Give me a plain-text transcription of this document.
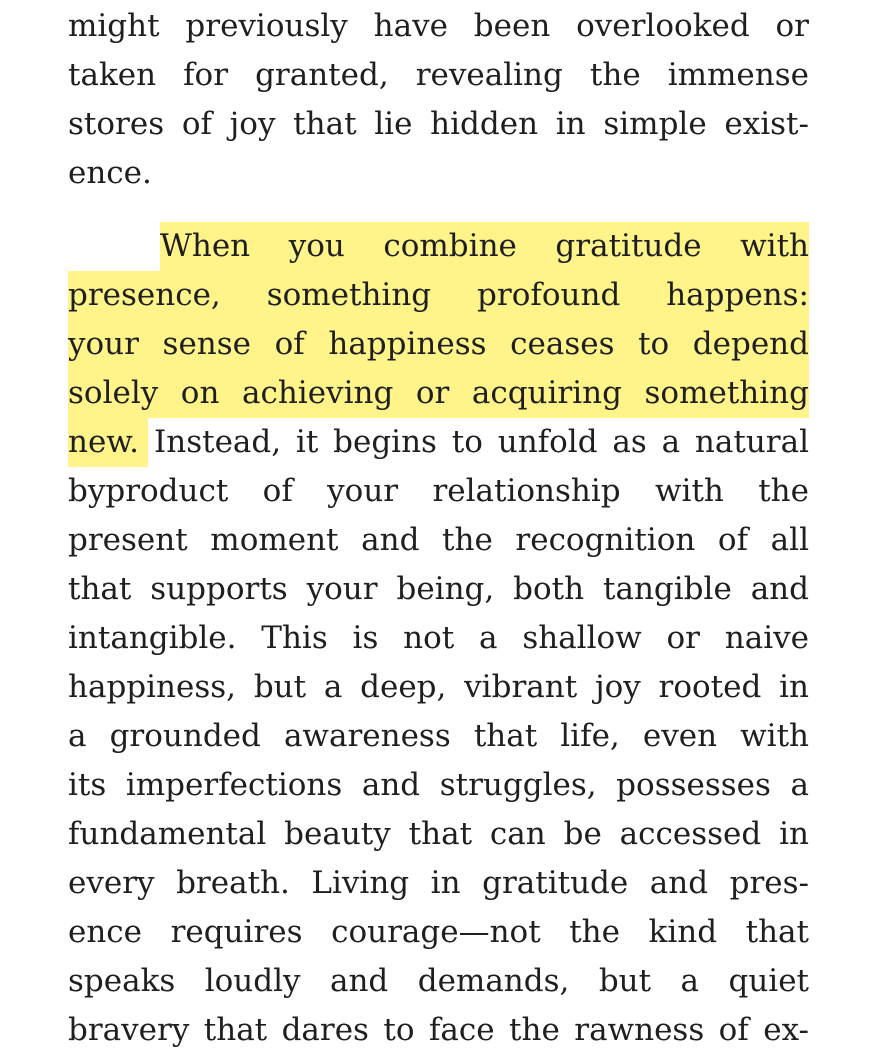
might previously have been overlooked or
taken for granted, revealing the immense
stores of joy that lie hidden in simple exist-
ence.
When you combine gratitude with
presence, something profound happens:
your sense of happiness ceases to depend
solely on achieving or acquiring something
new. Instead, it begins to unfold as a natural
byproduct of your relationship with the
present moment and the recognition of all
that supports your being, both tangible and
intangible. This is not a shallow or naive
happiness, but a deep, vibrant joy rooted in
a grounded awareness that life, even with
its imperfections and struggles, possesses a
fundamental beauty that can be accessed in
every breath. Living in gratitude and pres-
ence requires courage—not the kind that
speaks loudly and demands, but a quiet
bravery that dares to face the rawness of ex-
